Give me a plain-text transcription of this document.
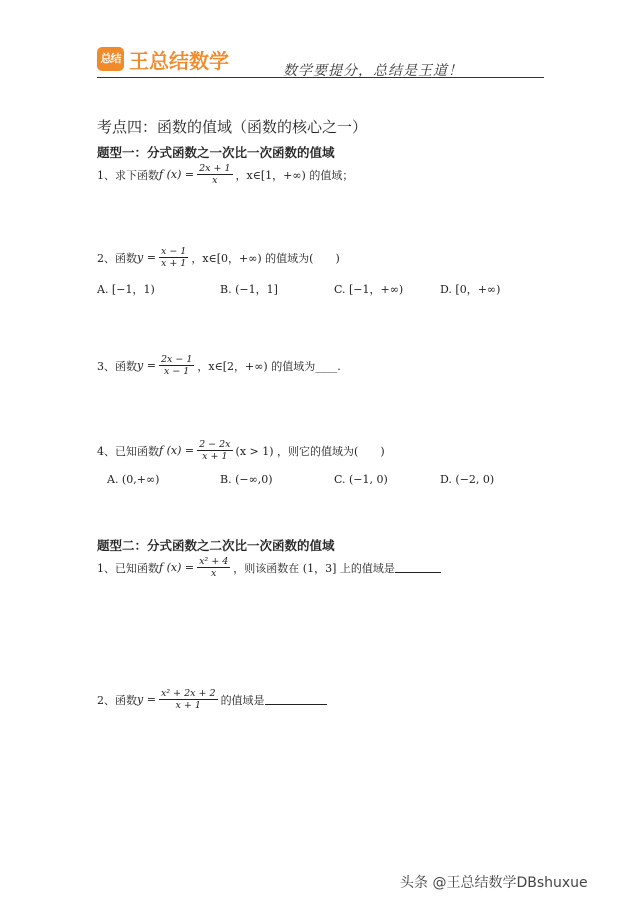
总结 王总结数学	数学要提分，总结是王道！
考点四：函数的值域（函数的核心之一）
题型一：分式函数之一次比一次函数的值域
1、求下函数 f $(x) = \frac{2x + 1}{x}$ ，x∈[1，+∞) 的值域；
2、函数 $y = \frac{x - 1}{x + 1}$ ，x∈[0，+∞) 的值域为(　　)
A. [−1，1)	B. (−1，1]	C. [−1，+∞)	D. [0，+∞)
3、函数 $y = \frac{2x - 1}{x - 1}$ ，x∈[2，+∞) 的值域为____.
4、已知函数 f $(x) = \frac{2 - 2x}{x + 1} (x > 1)$ ，则它的值域为(　　)
A. (0,+∞)	B. (−∞,0)	C. (−1, 0)	D. (−2, 0)
题型二：分式函数之二次比一次函数的值域
1、已知函数 f $(x) = \frac{\text{x² + 4}}{x}$ ，则该函数在 (1，3] 上的值域是
2、函数 $y = \frac{\text{x² + 2x + 2}}{x + 1}$ 的值域是
头条 @王总结数学DBshuxue
